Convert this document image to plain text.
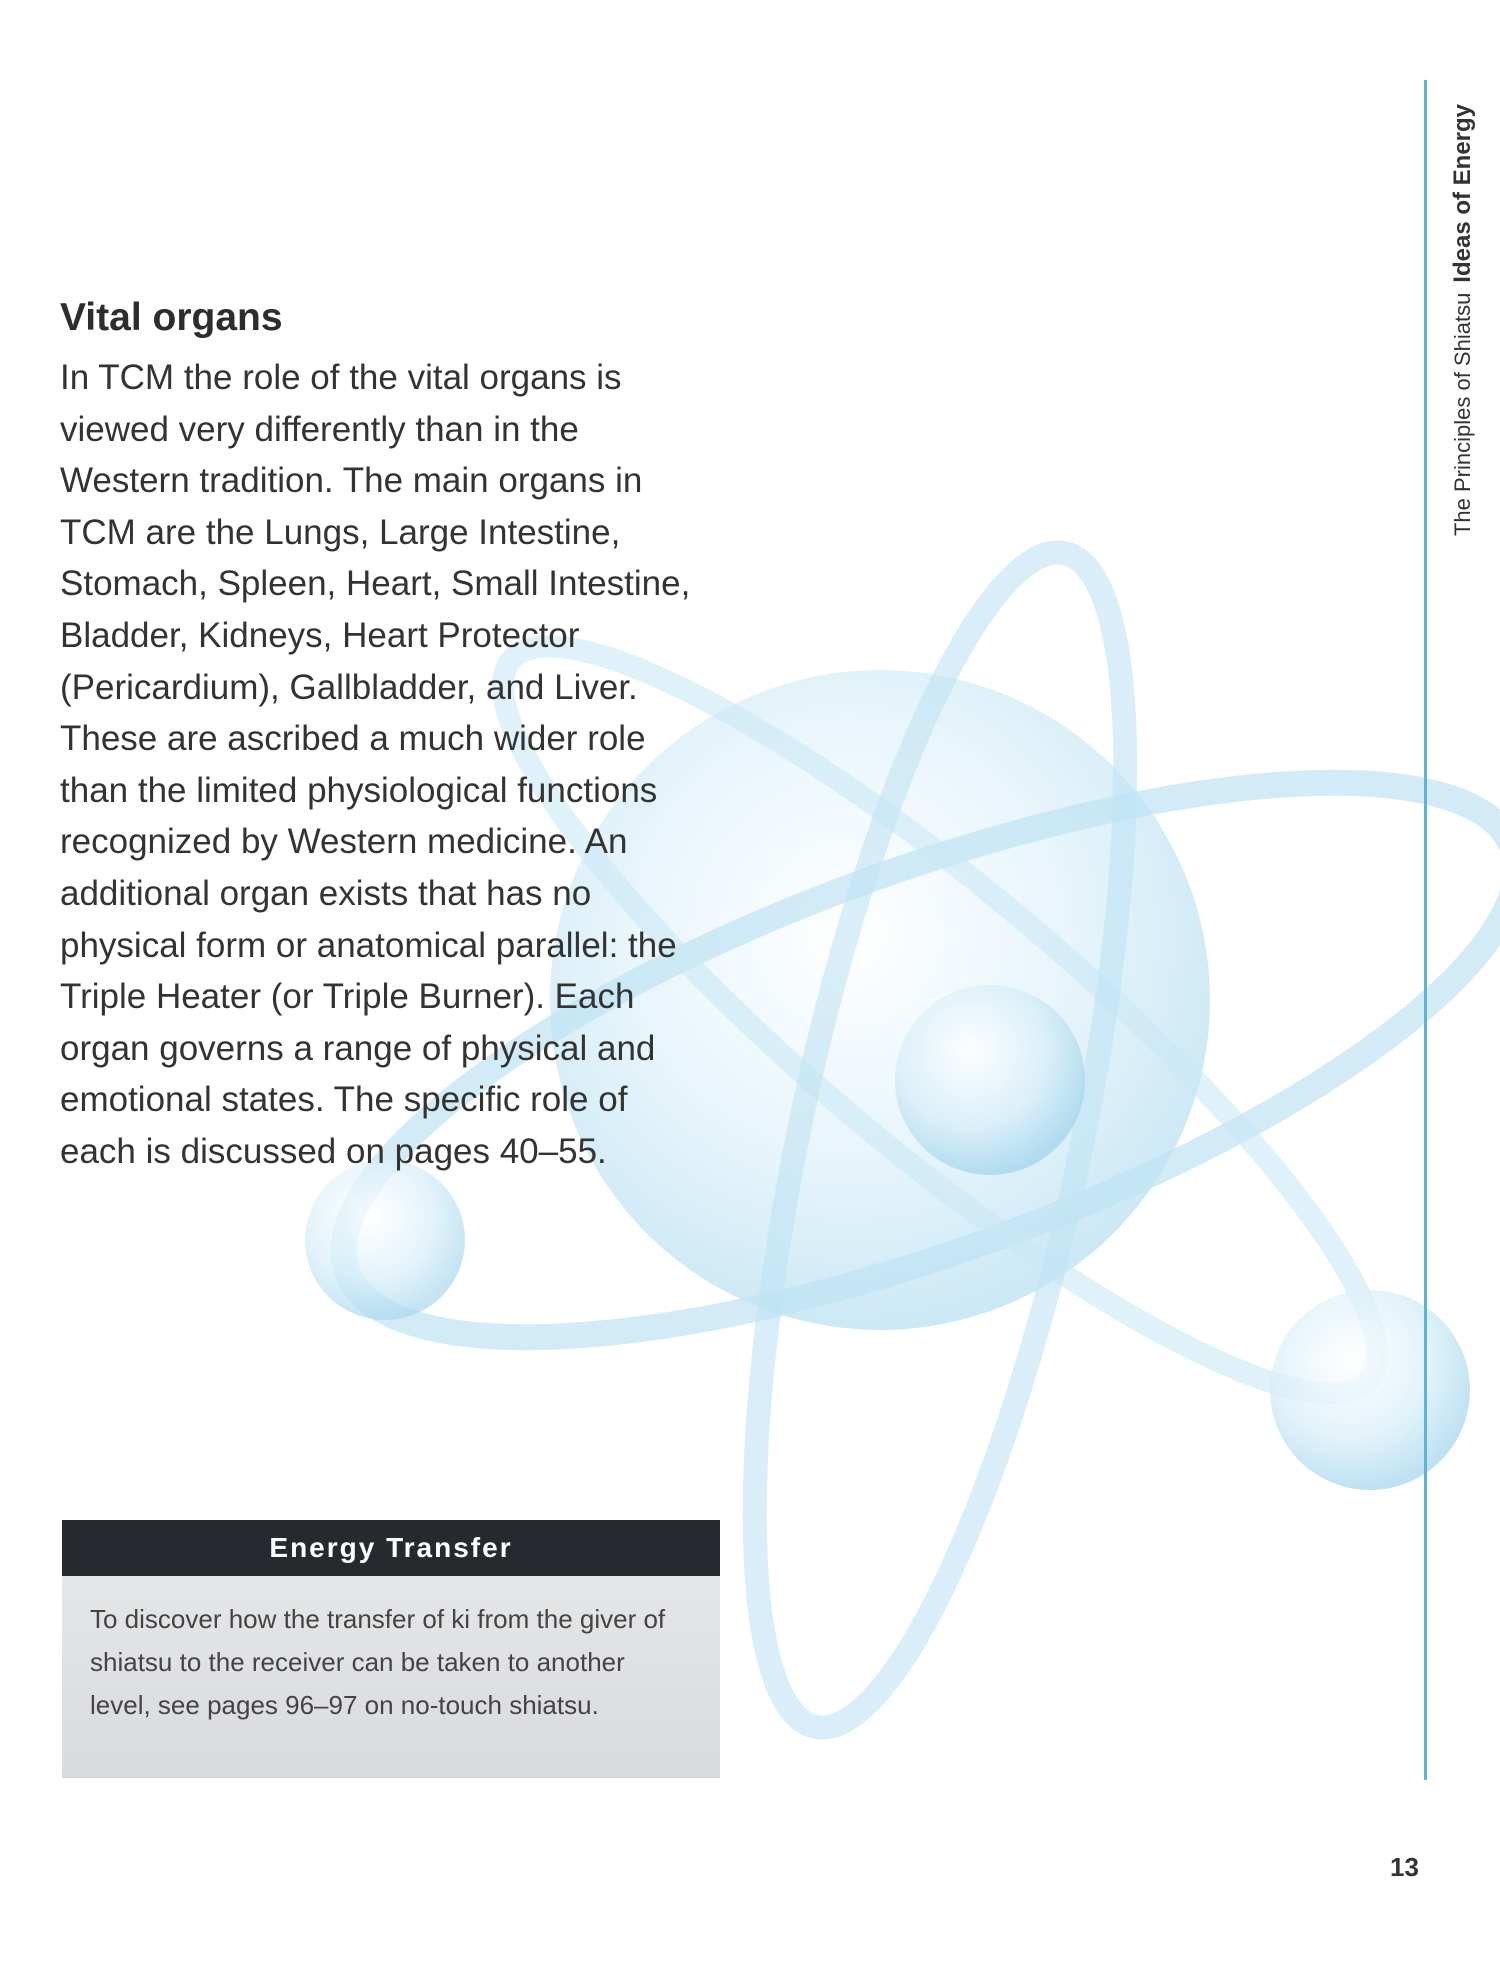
The Principles of ShiatsuIdeas of Energy
Vital organs

In TCM the role of the vital organs is viewed very differently than in the Western tradition. The main organs in TCM are the Lungs, Large Intestine, Stomach, Spleen, Heart, Small Intestine, Bladder, Kidneys, Heart Protector (Pericardium), Gallbladder, and Liver. These are ascribed a much wider role than the limited physiological functions recognized by Western medicine. An additional organ exists that has no physical form or anatomical parallel: the Triple Heater (or Triple Burner). Each organ governs a range of physical and emotional states. The specific role of each is discussed on pages 40–55.

Energy Transfer
To discover how the transfer of ki from the giver of shiatsu to the receiver can be taken to another level, see pages 96–97 on no-touch shiatsu.
13
